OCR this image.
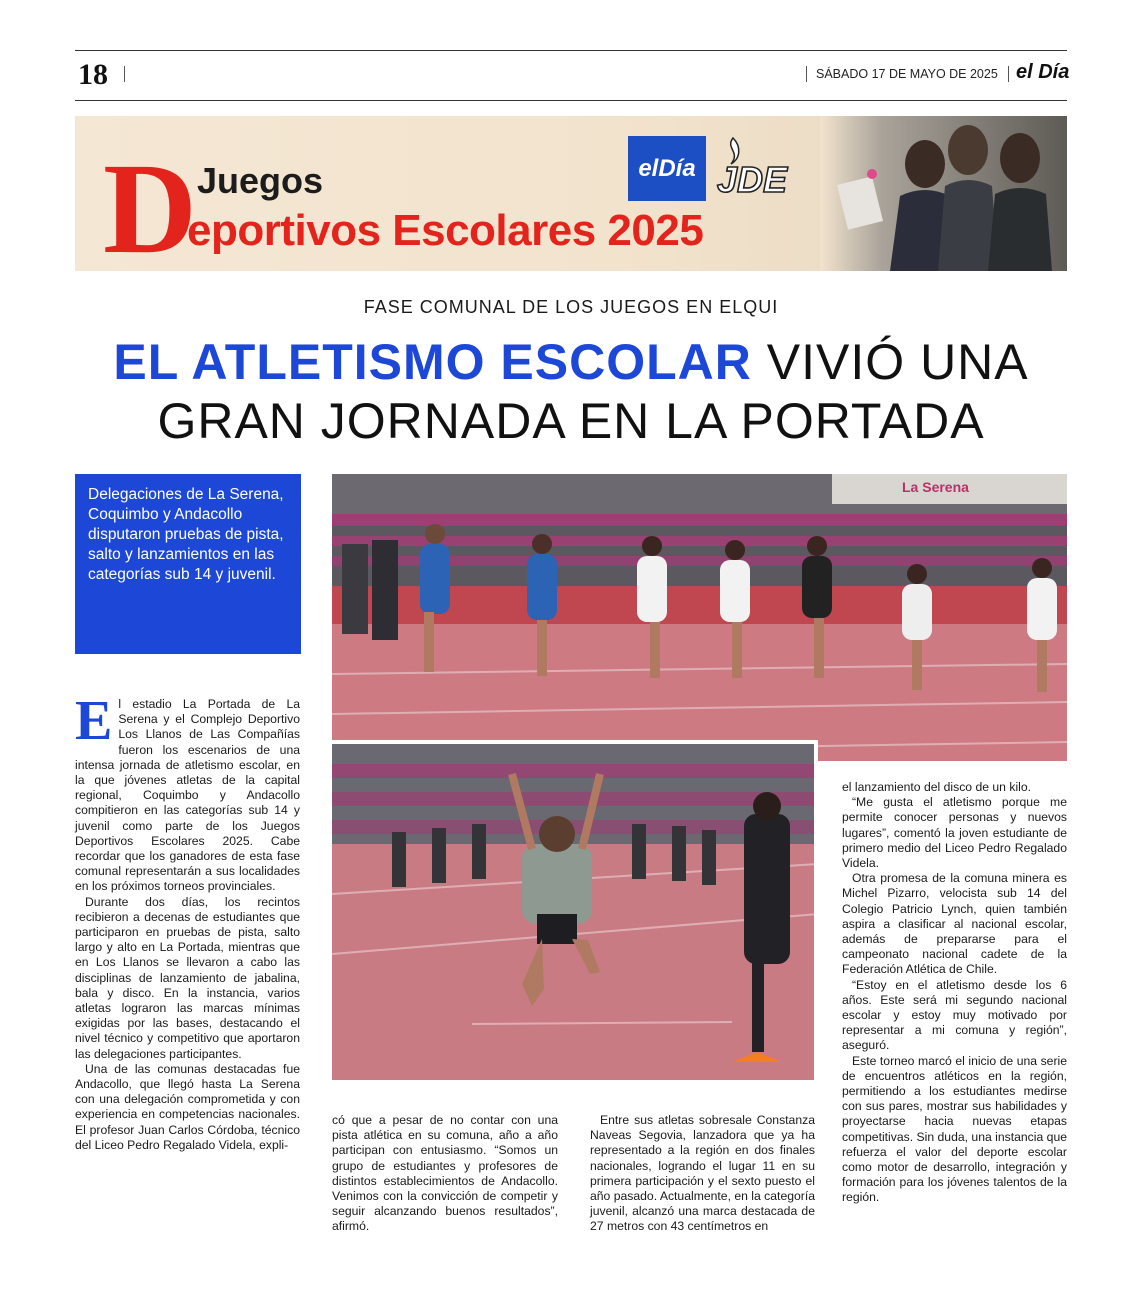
18	SÁBADO 17 DE MAYO DE 2025 el Día
D Juegos
eportivos Escolares 2025
elDía JDE
FASE COMUNAL DE LOS JUEGOS EN ELQUI
EL ATLETISMO ESCOLAR VIVIÓ UNA
GRAN JORNADA EN LA PORTADA
Delegaciones de La Serena, Coquimbo y Andacollo disputaron pruebas de pista, salto y lanzamientos en las categorías sub 14 y juvenil.
La Serena

El estadio La Portada de La Serena y el Complejo Deportivo Los Llanos de Las Compañías fueron los escenarios de una intensa jornada de atletismo escolar, en la que jóvenes atletas de la capital regional, Coquimbo y Andacollo compitieron en las categorías sub 14 y juvenil como parte de los Juegos Deportivos Escolares 2025. Cabe recordar que los ganadores de esta fase comunal representarán a sus localidades en los próximos torneos provinciales.

Durante dos días, los recintos recibieron a decenas de estudiantes que participaron en pruebas de pista, salto largo y alto en La Portada, mientras que en Los Llanos se llevaron a cabo las disciplinas de lanzamiento de jabalina, bala y disco. En la instancia, varios atletas lograron las marcas mínimas exigidas por las bases, destacando el nivel técnico y competitivo que aportaron las delegaciones participantes.

Una de las comunas destacadas fue Andacollo, que llegó hasta La Serena con una delegación comprometida y con experiencia en competencias nacionales. El profesor Juan Carlos Córdoba, técnico del Liceo Pedro Regalado Videla, expli-

có que a pesar de no contar con una pista atlética en su comuna, año a año participan con entusiasmo. “Somos un grupo de estudiantes y profesores de distintos establecimientos de Andacollo. Venimos con la convicción de competir y seguir alcanzando buenos resultados”, afirmó.

Entre sus atletas sobresale Constanza Naveas Segovia, lanzadora que ya ha representado a la región en dos finales nacionales, logrando el lugar 11 en su primera participación y el sexto puesto el año pasado. Actualmente, en la categoría juvenil, alcanzó una marca destacada de 27 metros con 43 centímetros en

el lanzamiento del disco de un kilo.

“Me gusta el atletismo porque me permite conocer personas y nuevos lugares”, comentó la joven estudiante de primero medio del Liceo Pedro Regalado Videla.

Otra promesa de la comuna minera es Michel Pizarro, velocista sub 14 del Colegio Patricio Lynch, quien también aspira a clasificar al nacional escolar, además de prepararse para el campeonato nacional cadete de la Federación Atlética de Chile.

“Estoy en el atletismo desde los 6 años. Este será mi segundo nacional escolar y estoy muy motivado por representar a mi comuna y región”, aseguró.

Este torneo marcó el inicio de una serie de encuentros atléticos en la región, permitiendo a los estudiantes medirse con sus pares, mostrar sus habilidades y proyectarse hacia nuevas etapas competitivas. Sin duda, una instancia que refuerza el valor del deporte escolar como motor de desarrollo, integración y formación para los jóvenes talentos de la región.
